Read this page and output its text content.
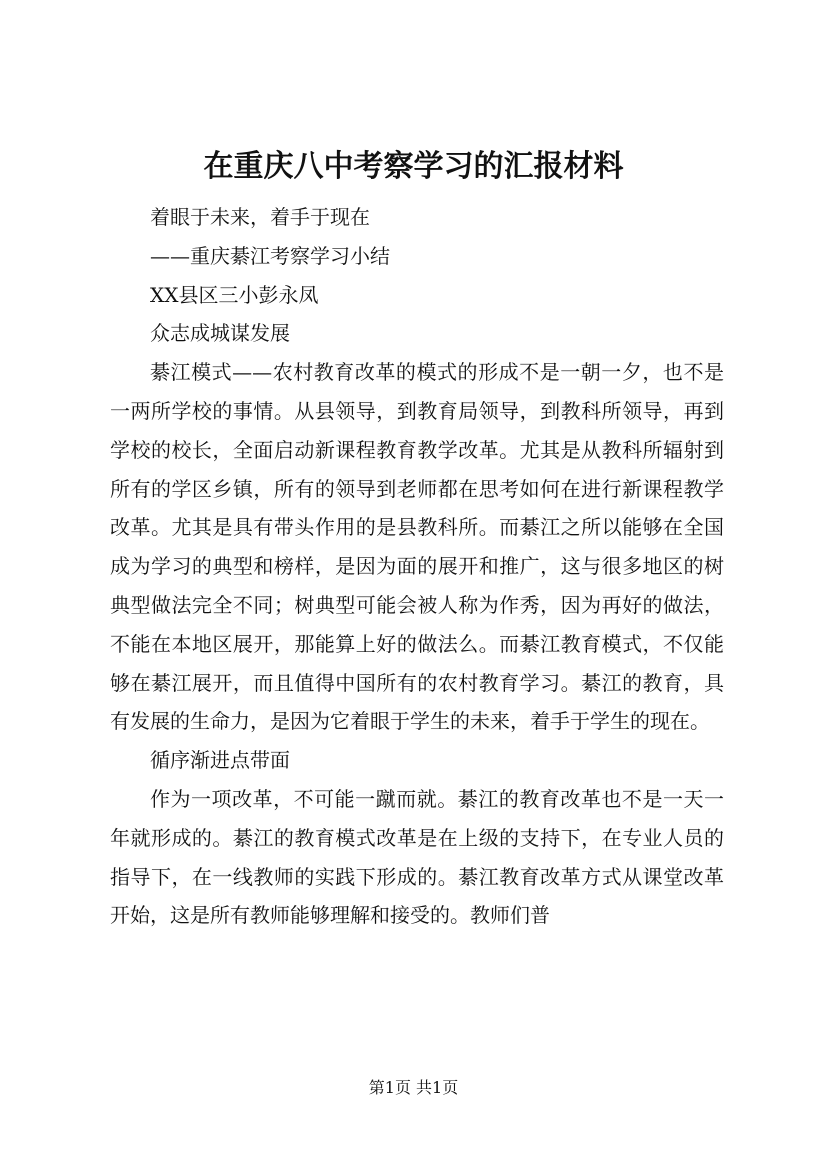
在重庆八中考察学习的汇报材料

着眼于未来，着手于现在

——重庆綦江考察学习小结

XX县区三小彭永凤

众志成城谋发展

綦江模式——农村教育改革的模式的形成不是一朝一夕，也不是一两所学校的事情。从县领导，到教育局领导，到教科所领导，再到学校的校长，全面启动新课程教育教学改革。尤其是从教科所辐射到所有的学区乡镇，所有的领导到老师都在思考如何在进行新课程教学改革。尤其是具有带头作用的是县教科所。而綦江之所以能够在全国成为学习的典型和榜样，是因为面的展开和推广，这与很多地区的树典型做法完全不同；树典型可能会被人称为作秀，因为再好的做法，不能在本地区展开，那能算上好的做法么。而綦江教育模式，不仅能够在綦江展开，而且值得中国所有的农村教育学习。綦江的教育，具有发展的生命力，是因为它着眼于学生的未来，着手于学生的现在。

循序渐进点带面

作为一项改革，不可能一蹴而就。綦江的教育改革也不是一天一年就形成的。綦江的教育模式改革是在上级的支持下，在专业人员的指导下，在一线教师的实践下形成的。綦江教育改革方式从课堂改革开始，这是所有教师能够理解和接受的。教师们普

第1页 共1页
